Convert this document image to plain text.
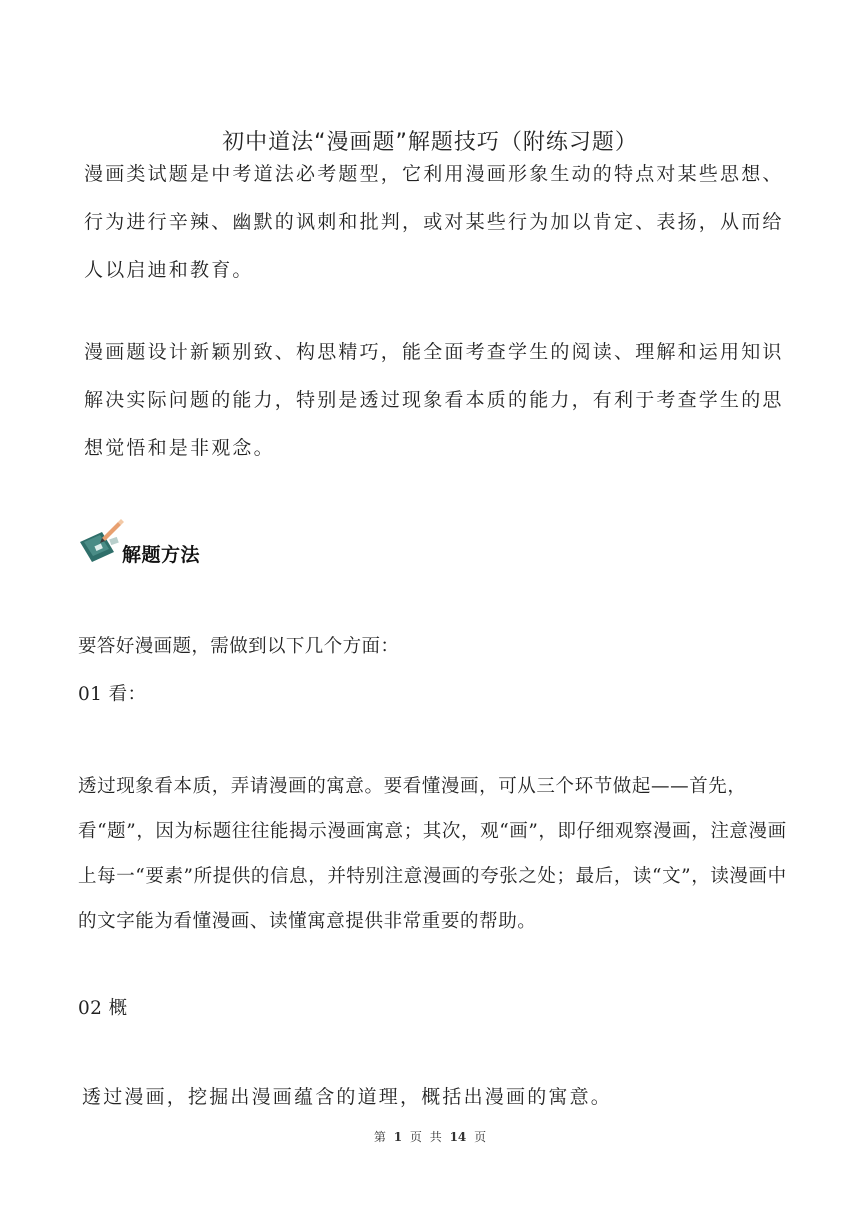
初中道法“漫画题”解题技巧（附练习题）

漫画类试题是中考道法必考题型，它利用漫画形象生动的特点对某些思想、行为进行辛辣、幽默的讽刺和批判，或对某些行为加以肯定、表扬，从而给人以启迪和教育。

漫画题设计新颖别致、构思精巧，能全面考查学生的阅读、理解和运用知识解决实际问题的能力，特别是透过现象看本质的能力，有利于考查学生的思想觉悟和是非观念。

解题方法

要答好漫画题，需做到以下几个方面：

01 看：

透过现象看本质，弄请漫画的寓意。要看懂漫画，可从三个环节做起——首先，看“题”，因为标题往往能揭示漫画寓意；其次，观“画”，即仔细观察漫画，注意漫画上每一“要素”所提供的信息，并特别注意漫画的夸张之处；最后，读“文”，读漫画中的文字能为看懂漫画、读懂寓意提供非常重要的帮助。

02 概

透过漫画，挖掘出漫画蕴含的道理，概括出漫画的寓意。

第 1 页 共 14 页
